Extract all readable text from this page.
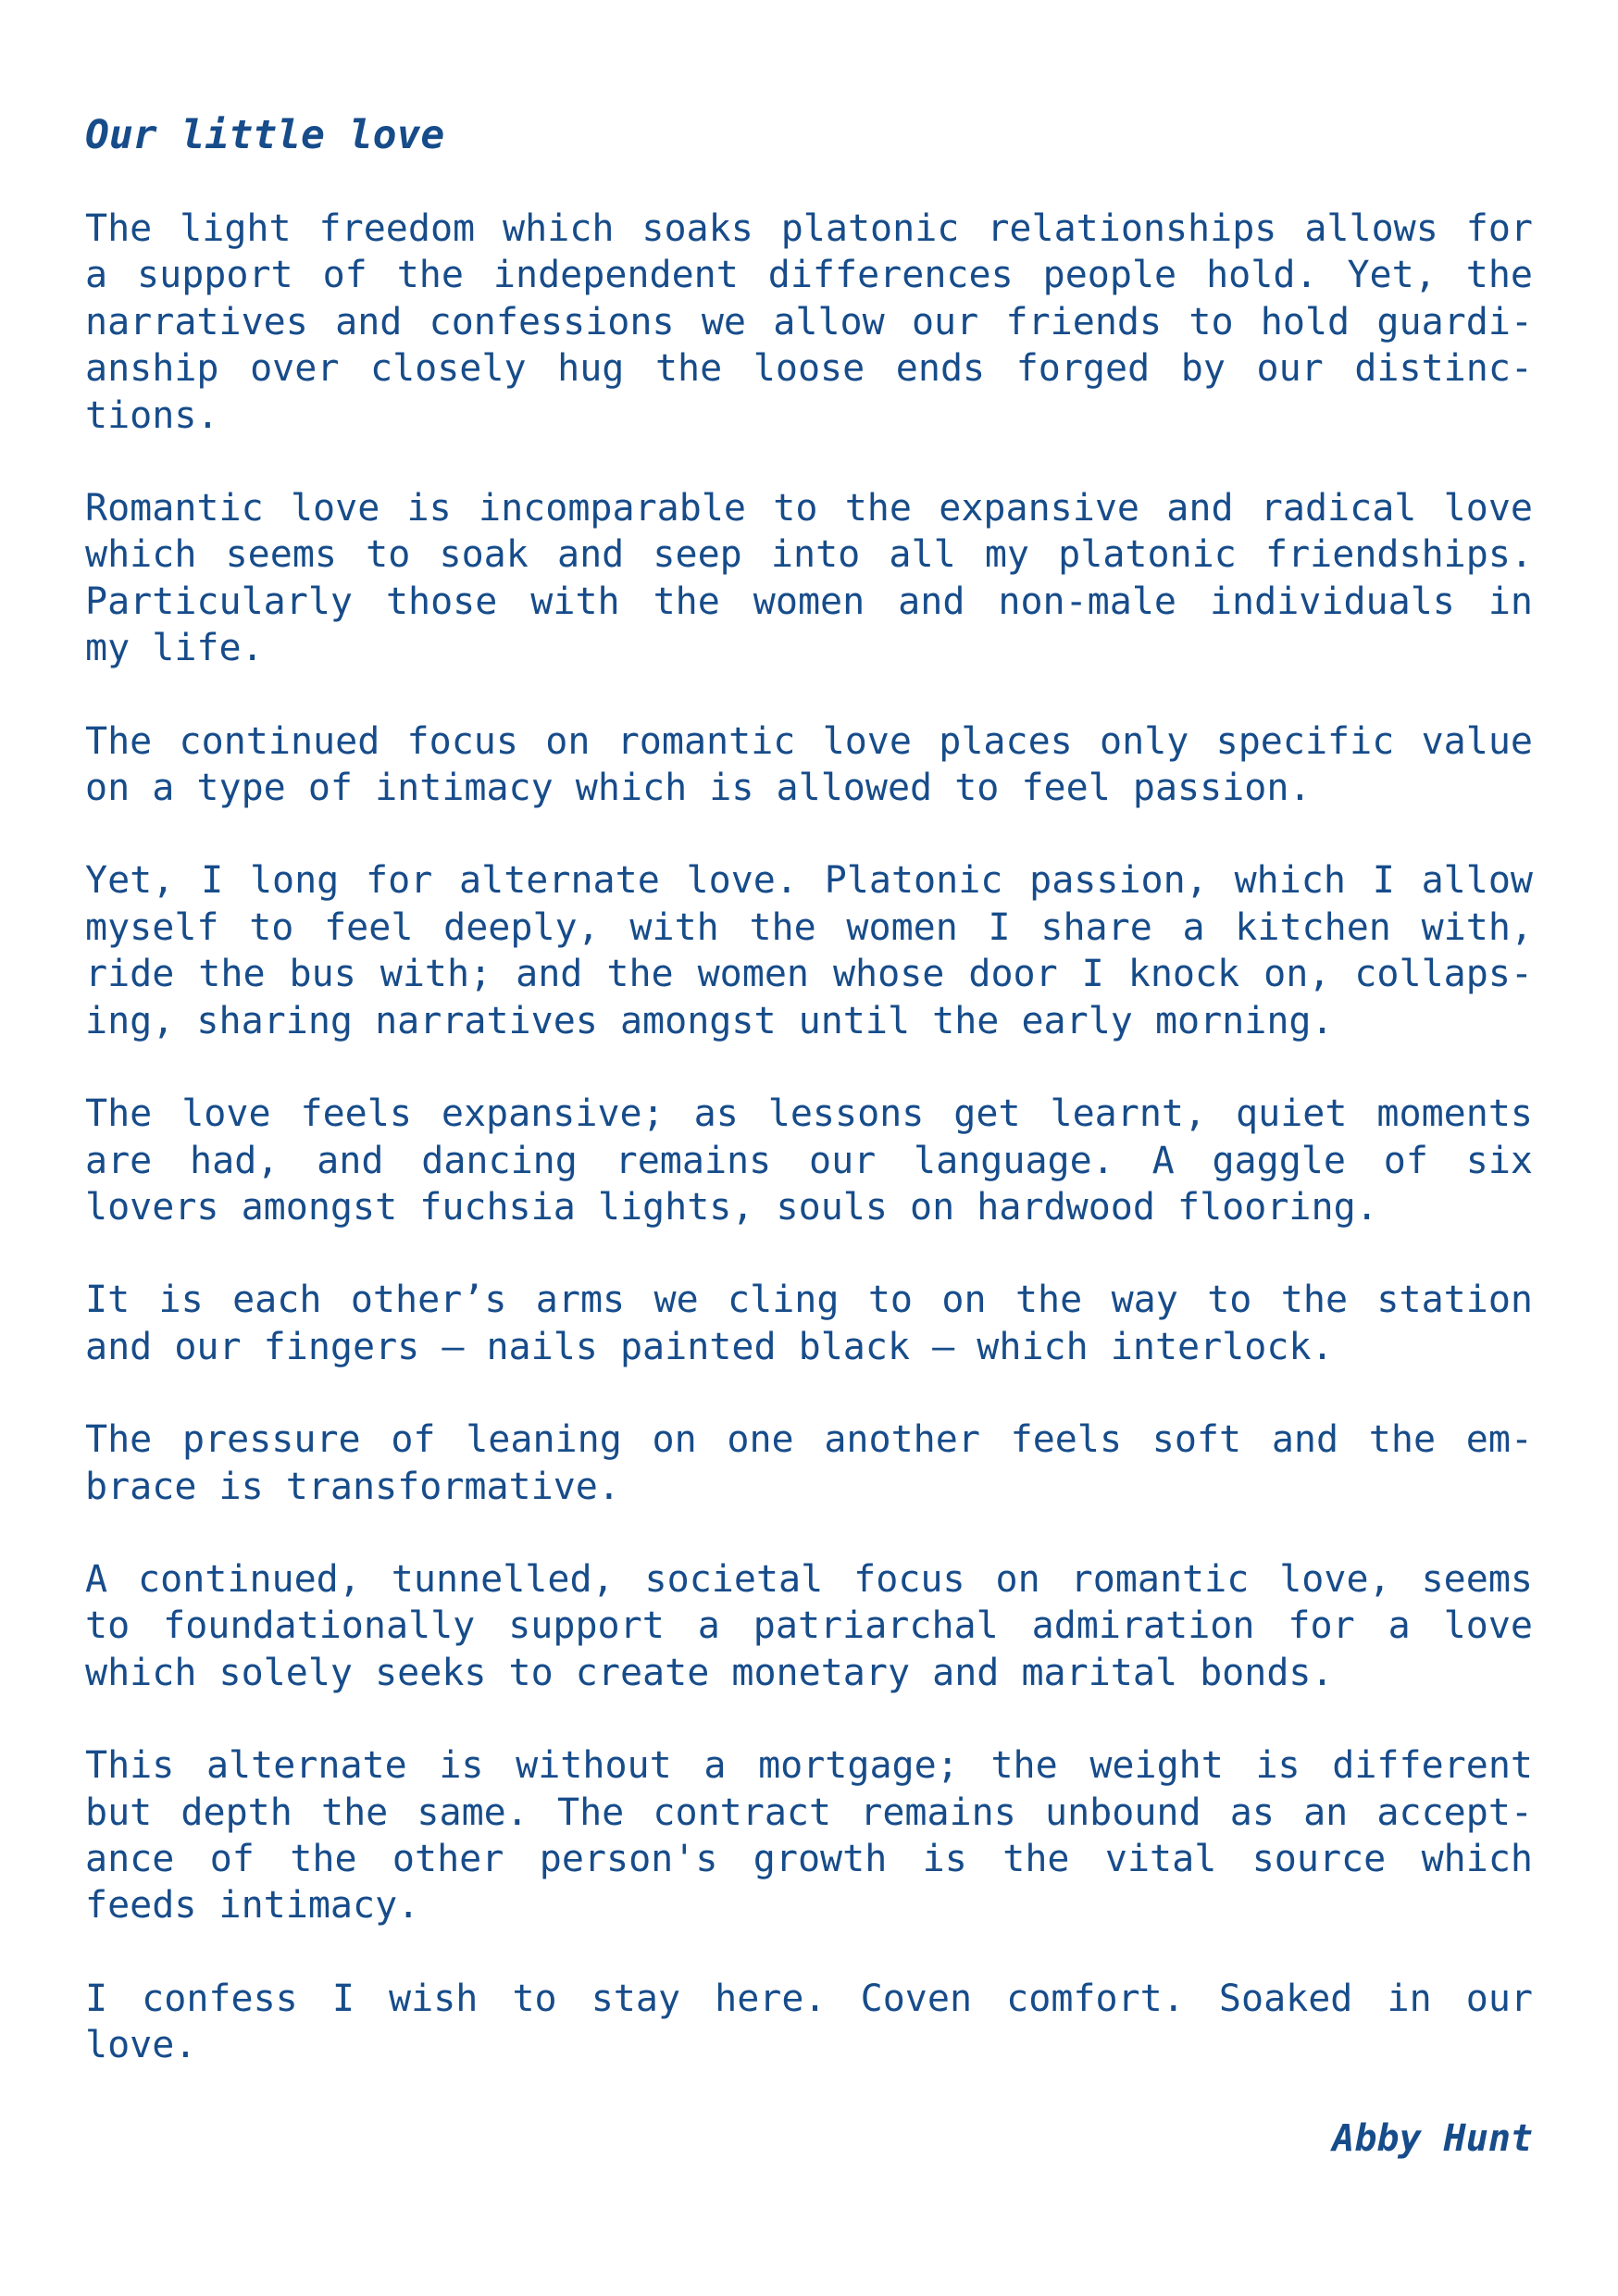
Our little love
The light freedom which soaks platonic relationships allows for
a support of the independent differences people hold. Yet, the
narratives and confessions we allow our friends to hold guardi-
anship over closely hug the loose ends forged by our distinc-
tions.
Romantic love is incomparable to the expansive and radical love
which seems to soak and seep into all my platonic friendships.
Particularly those with the women and non-male individuals in
my life.
The continued focus on romantic love places only specific value
on a type of intimacy which is allowed to feel passion.
Yet, I long for alternate love. Platonic passion, which I allow
myself to feel deeply, with the women I share a kitchen with,
ride the bus with; and the women whose door I knock on, collaps-
ing, sharing narratives amongst until the early morning.
The love feels expansive; as lessons get learnt, quiet moments
are had, and dancing remains our language. A gaggle of six
lovers amongst fuchsia lights, souls on hardwood flooring.
It is each other’s arms we cling to on the way to the station
and our fingers – nails painted black – which interlock.
The pressure of leaning on one another feels soft and the em-
brace is transformative.
A continued, tunnelled, societal focus on romantic love, seems
to foundationally support a patriarchal admiration for a love
which solely seeks to create monetary and marital bonds.
This alternate is without a mortgage; the weight is different
but depth the same. The contract remains unbound as an accept-
ance of the other person's growth is the vital source which
feeds intimacy.
I confess I wish to stay here. Coven comfort. Soaked in our
love.
Abby Hunt
